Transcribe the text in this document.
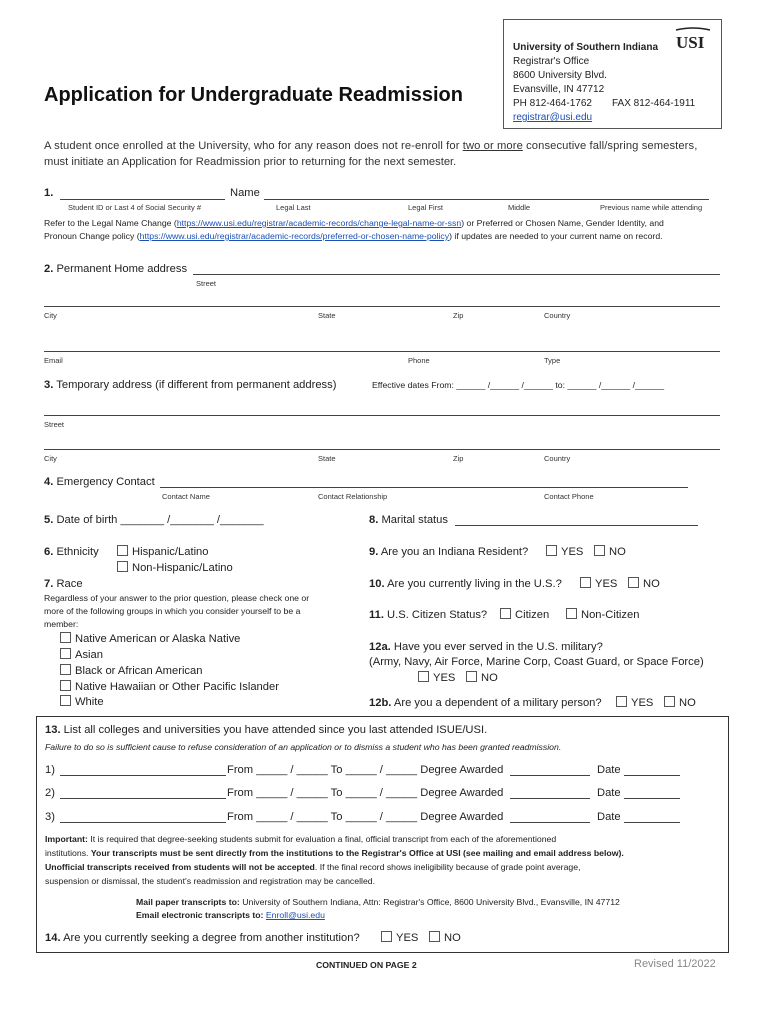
University of Southern Indiana
Registrar's Office
8600 University Blvd.
Evansville, IN 47712
PH 812-464-1762 FAX 812-464-1911
registrar@usi.edu
USI
Application for Undergraduate Readmission
A student once enrolled at the University, who for any reason does not re-enroll for two or more consecutive fall/spring semesters,
must initiate an Application for Readmission prior to returning for the next semester.
1.	Name
Student ID or Last 4 of Social Security #	Legal Last	Legal First	Middle	Previous name while attending
Refer to the Legal Name Change (https://www.usi.edu/registrar/academic-records/change-legal-name-or-ssn) or Preferred or Chosen Name, Gender Identity, and
Pronoun Change policy (https://www.usi.edu/registrar/academic-records/preferred-or-chosen-name-policy) if updates are needed to your current name on record.
2. Permanent Home address
Street
City	State	Zip	Country
Email	Phone	Type
3. Temporary address (if different from permanent address)	Effective dates From: ______ /______ /______ to: ______ /______ /______
Street
City	State	Zip	Country
4. Emergency Contact
Contact Name	Contact Relationship	Contact Phone
5. Date of birth _______ /_______ /_______	8. Marital status
6. Ethnicity	Hispanic/Latino
Non-Hispanic/Latino
9. Are you an Indiana Resident?	YES	NO
7. Race
Regardless of your answer to the prior question, please check one or
more of the following groups in which you consider yourself to be a
member:
Native American or Alaska Native
Asian
Black or African American
Native Hawaiian or Other Pacific Islander
White
10. Are you currently living in the U.S.?	YES	NO
11. U.S. Citizen Status?	Citizen	Non-Citizen
12a. Have you ever served in the U.S. military?
(Army, Navy, Air Force, Marine Corp, Coast Guard, or Space Force)
YES	NO
12b. Are you a dependent of a military person?	YES	NO
13. List all colleges and universities you have attended since you last attended ISUE/USI.
Failure to do so is sufficient cause to refuse consideration of an application or to dismiss a student who has been granted readmission.
1)	From _____ / _____ To _____ / _____ Degree Awarded	Date
2)	From _____ / _____ To _____ / _____ Degree Awarded	Date
3)	From _____ / _____ To _____ / _____ Degree Awarded	Date
Important: It is required that degree-seeking students submit for evaluation a final, official transcript from each of the aforementioned
institutions. Your transcripts must be sent directly from the institutions to the Registrar's Office at USI (see mailing and email address below).
Unofficial transcripts received from students will not be accepted. If the final record shows ineligibility because of grade point average,
suspension or dismissal, the student's readmission and registration may be cancelled.
Mail paper transcripts to: University of Southern Indiana, Attn: Registrar's Office, 8600 University Blvd., Evansville, IN 47712
Email electronic transcripts to: Enroll@usi.edu
14. Are you currently seeking a degree from another institution?	YES	NO
CONTINUED ON PAGE 2	Revised 11/2022
